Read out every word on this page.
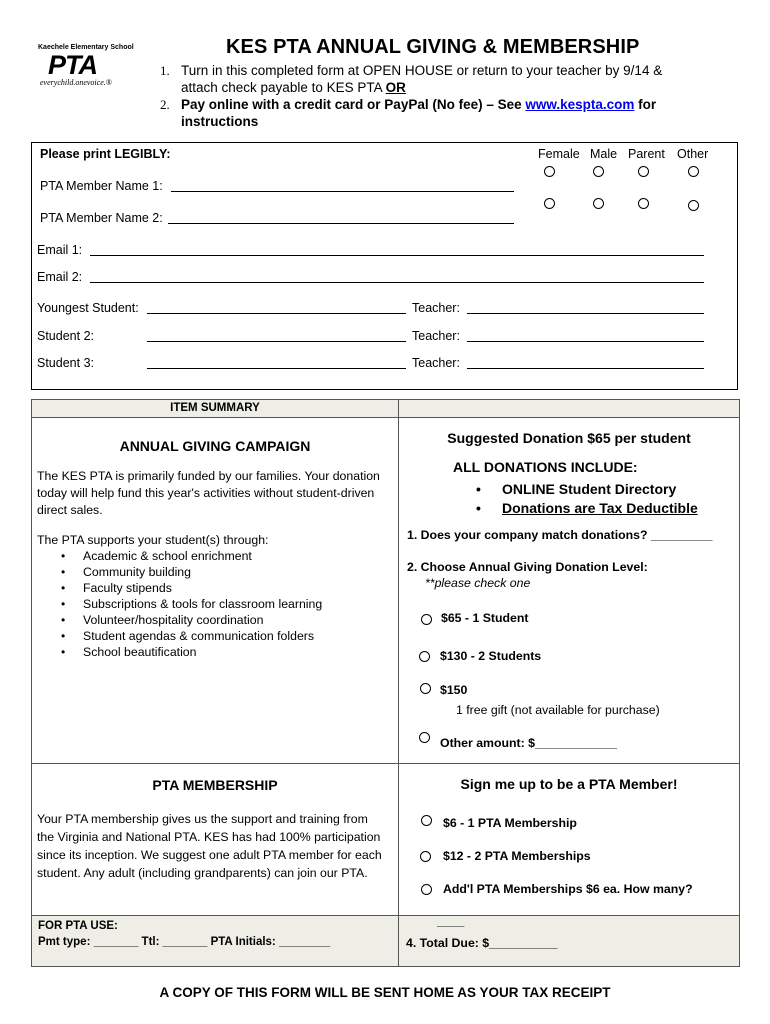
Kaechele Elementary School
PTA
everychild.onevoice.®
KES PTA ANNUAL GIVING & MEMBERSHIP
1. Turn in this completed form at OPEN HOUSE or return to your teacher by 9/14 & attach check payable to KES PTA OR
2. Pay online with a credit card or PayPal (No fee) – See www.kespta.com for instructions
Please print LEGIBLY:	Female Male Parent Other
PTA Member Name 1:
PTA Member Name 2:
Email 1:
Email 2:
Youngest Student:	Teacher:
Student 2:	Teacher:
Student 3:	Teacher:
ITEM SUMMARY
ANNUAL GIVING CAMPAIGN
The KES PTA is primarily funded by our families. Your donation today will help fund this year's activities without student-driven direct sales.
The PTA supports your student(s) through:
• Academic & school enrichment
• Community building
• Faculty stipends
• Subscriptions & tools for classroom learning
• Volunteer/hospitality coordination
• Student agendas & communication folders
• School beautification
Suggested Donation $65 per student
ALL DONATIONS INCLUDE:
• ONLINE Student Directory
• Donations are Tax Deductible
1. Does your company match donations? _________
2. Choose Annual Giving Donation Level:
**please check one
$65 - 1 Student
$130 - 2 Students
$150
1 free gift (not available for purchase)
Other amount: $____________
PTA MEMBERSHIP
Your PTA membership gives us the support and training from the Virginia and National PTA. KES has had 100% participation since its inception. We suggest one adult PTA member for each student. Any adult (including grandparents) can join our PTA.
Sign me up to be a PTA Member!
$6 - 1 PTA Membership
$12 - 2 PTA Memberships
Add'l PTA Memberships $6 ea. How many?
____
FOR PTA USE:
Pmt type: _______ Ttl: _______ PTA Initials: ________	4. Total Due: $__________
A COPY OF THIS FORM WILL BE SENT HOME AS YOUR TAX RECEIPT
